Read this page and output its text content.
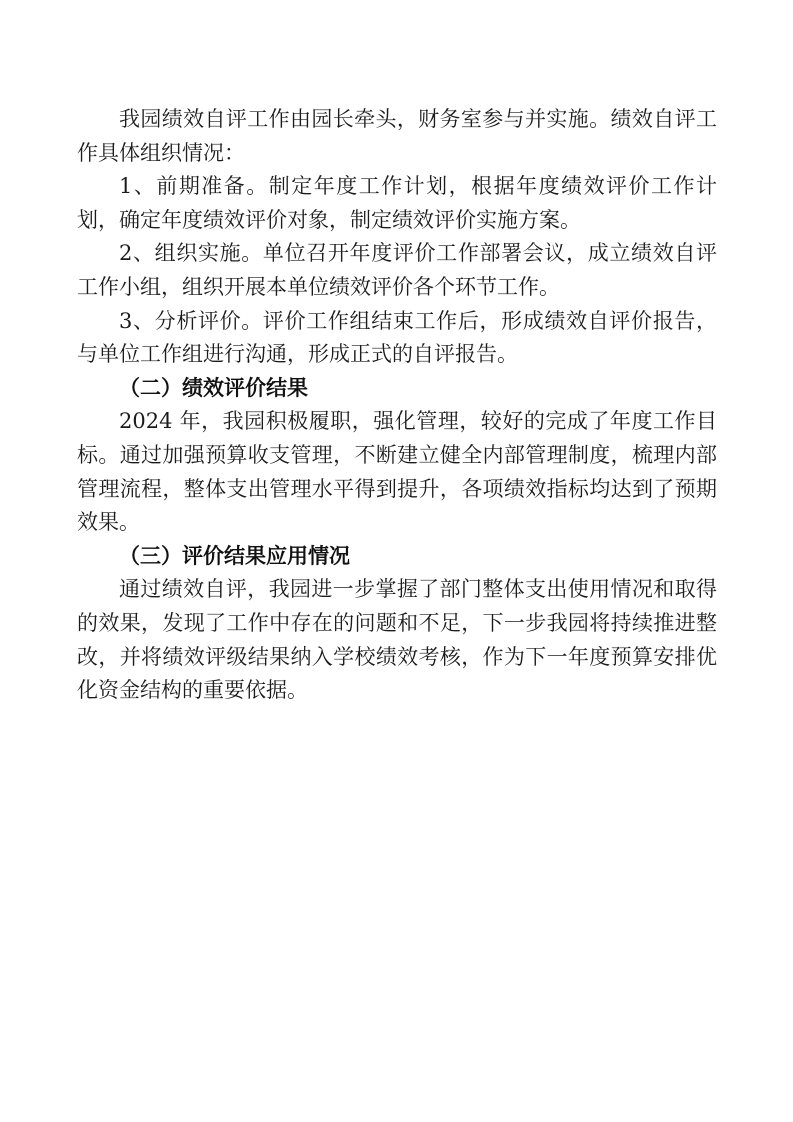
我园绩效自评工作由园长牵头，财务室参与并实施。绩效自评工作具体组织情况：

1、前期准备。制定年度工作计划，根据年度绩效评价工作计划，确定年度绩效评价对象，制定绩效评价实施方案。

2、组织实施。单位召开年度评价工作部署会议，成立绩效自评工作小组，组织开展本单位绩效评价各个环节工作。

3、分析评价。评价工作组结束工作后，形成绩效自评价报告，与单位工作组进行沟通，形成正式的自评报告。

（二）绩效评价结果

2024 年，我园积极履职，强化管理，较好的完成了年度工作目标。通过加强预算收支管理，不断建立健全内部管理制度，梳理内部管理流程，整体支出管理水平得到提升，各项绩效指标均达到了预期效果。

（三）评价结果应用情况

通过绩效自评，我园进一步掌握了部门整体支出使用情况和取得的效果，发现了工作中存在的问题和不足，下一步我园将持续推进整改，并将绩效评级结果纳入学校绩效考核，作为下一年度预算安排优化资金结构的重要依据。
